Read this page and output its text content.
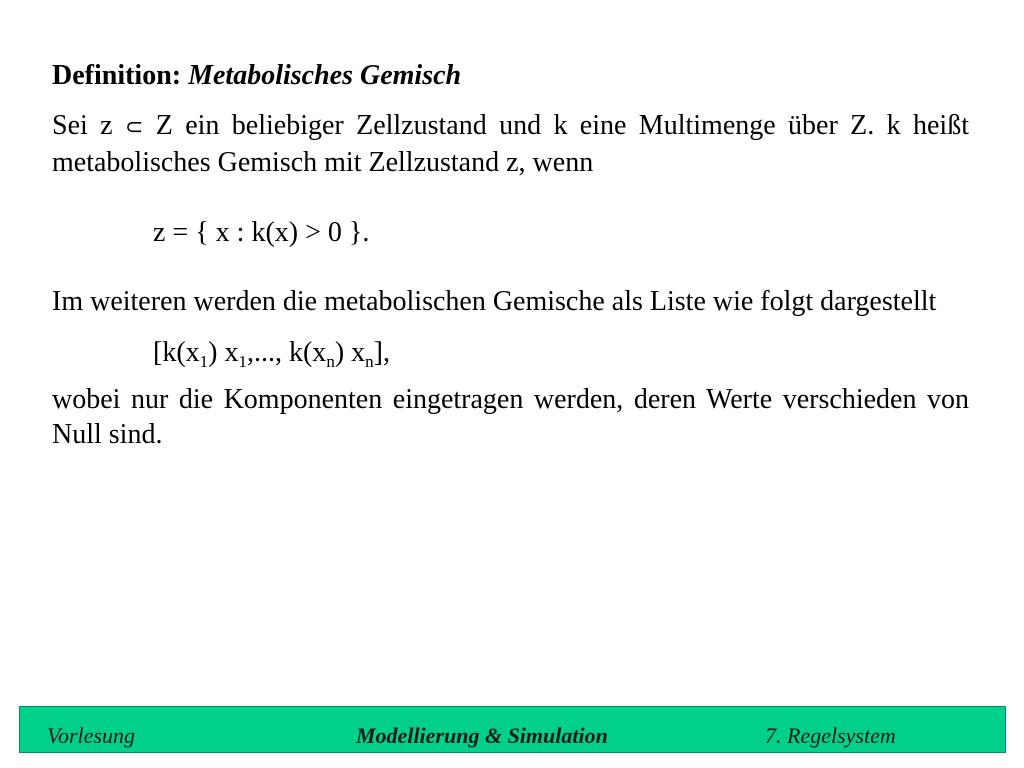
Definition: Metabolisches Gemisch

Sei z ⊂ Z ein beliebiger Zellzustand und k eine Multimenge über Z. k heißt metabolisches Gemisch mit Zellzustand z, wenn

z = { x : k(x) > 0 }.

Im weiteren werden die metabolischen Gemische als Liste wie folgt dargestellt

[$k(x_1)$ $x_1$,..., $k(x_n)$ $x_n$],

wobei nur die Komponenten eingetragen werden, deren Werte verschieden von Null sind.

Vorlesung	Modellierung & Simulation	7. Regelsystem
